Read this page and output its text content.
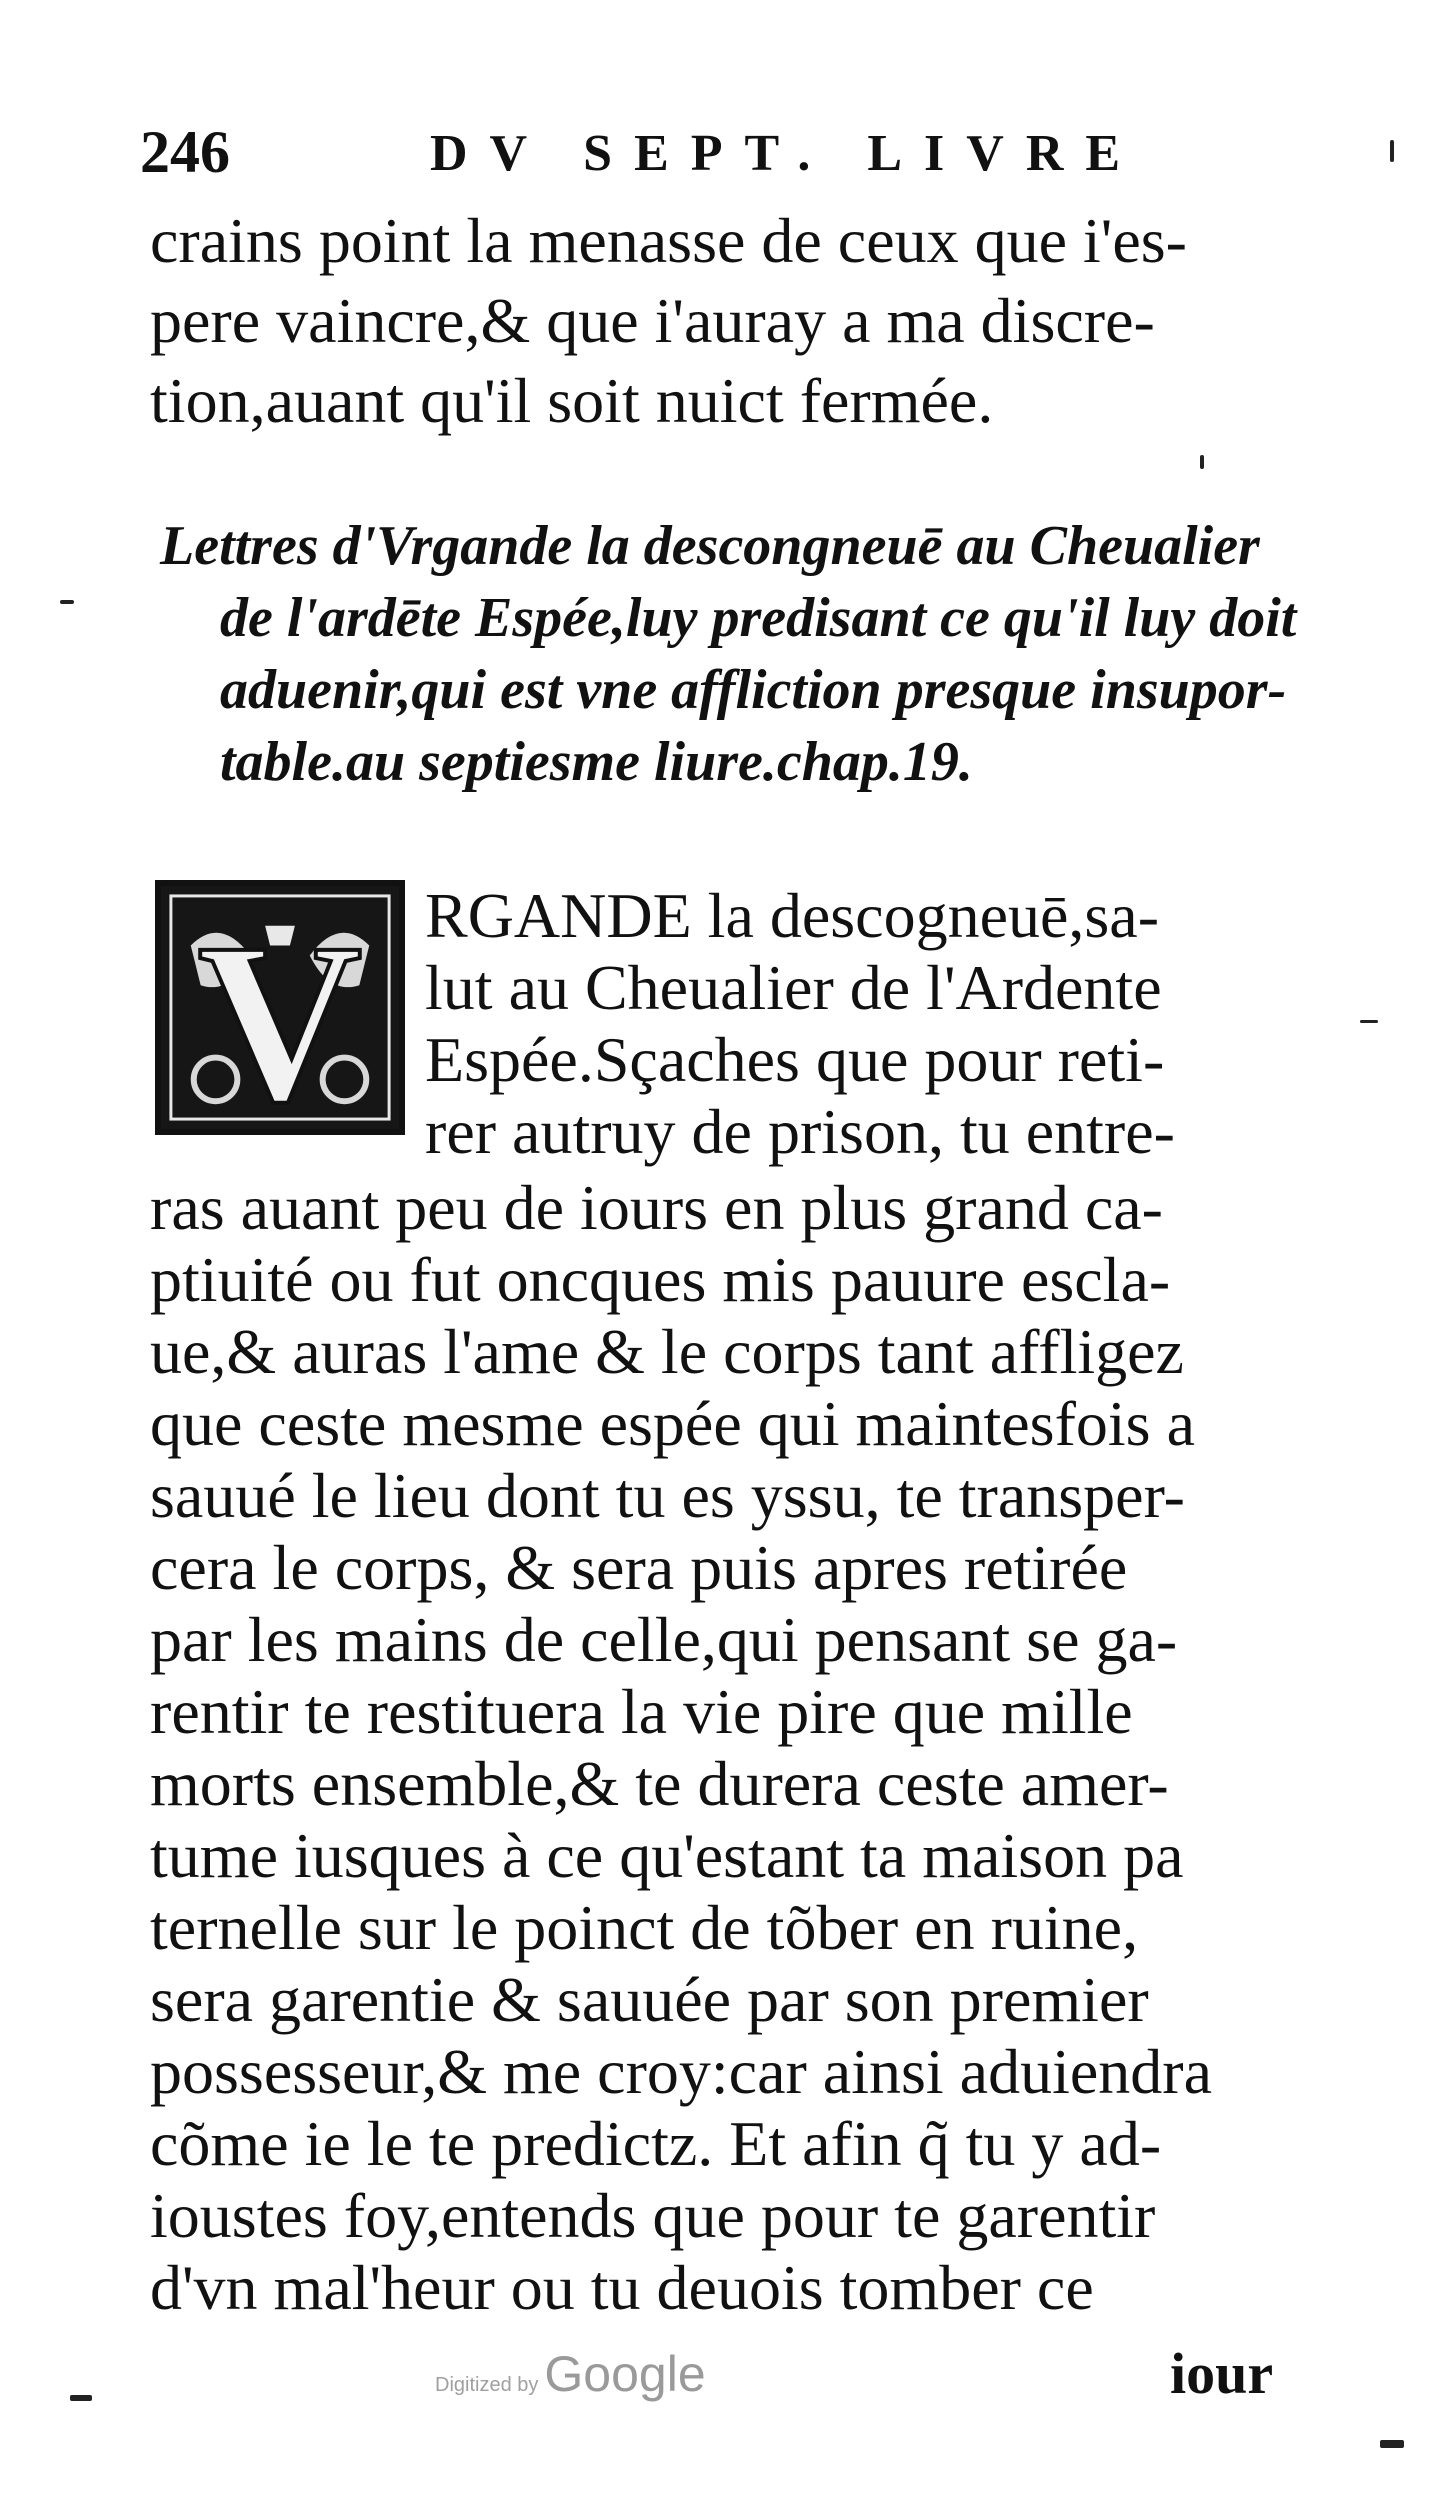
246	DV SEPT. LIVRE
crains point la menasse de ceux que i'es-
pere vaincre,& que i'auray a ma discre-
tion,auant qu'il soit nuict fermée.
Lettres d'Vrgande la descongneuē au Cheualier
de l'ardēte Espée,luy predisant ce qu'il luy doit
aduenir,qui est vne affliction presque insupor-
table.au septiesme liure.chap.19.
V RGANDE la descogneuē,sa-
lut au Cheualier de l'Ardente
Espée.Sçaches que pour reti-
rer autruy de prison, tu entre-
ras auant peu de iours en plus grand ca-
ptiuité ou fut oncques mis pauure escla-
ue,& auras l'ame & le corps tant affligez
que ceste mesme espée qui maintesfois a
sauué le lieu dont tu es yssu, te transper-
cera le corps, & sera puis apres retirée
par les mains de celle,qui pensant se ga-
rentir te restituera la vie pire que mille
morts ensemble,& te durera ceste amer-
tume iusques à ce qu'estant ta maison pa
ternelle sur le poinct de tõber en ruine,
sera garentie & sauuée par son premier
possesseur,& me croy:car ainsi aduiendra
cõme ie le te predictz. Et afin q̃ tu y ad-
ioustes foy,entends que pour te garentir
d'vn mal'heur ou tu deuois tomber ce
Digitized by Google	iour
